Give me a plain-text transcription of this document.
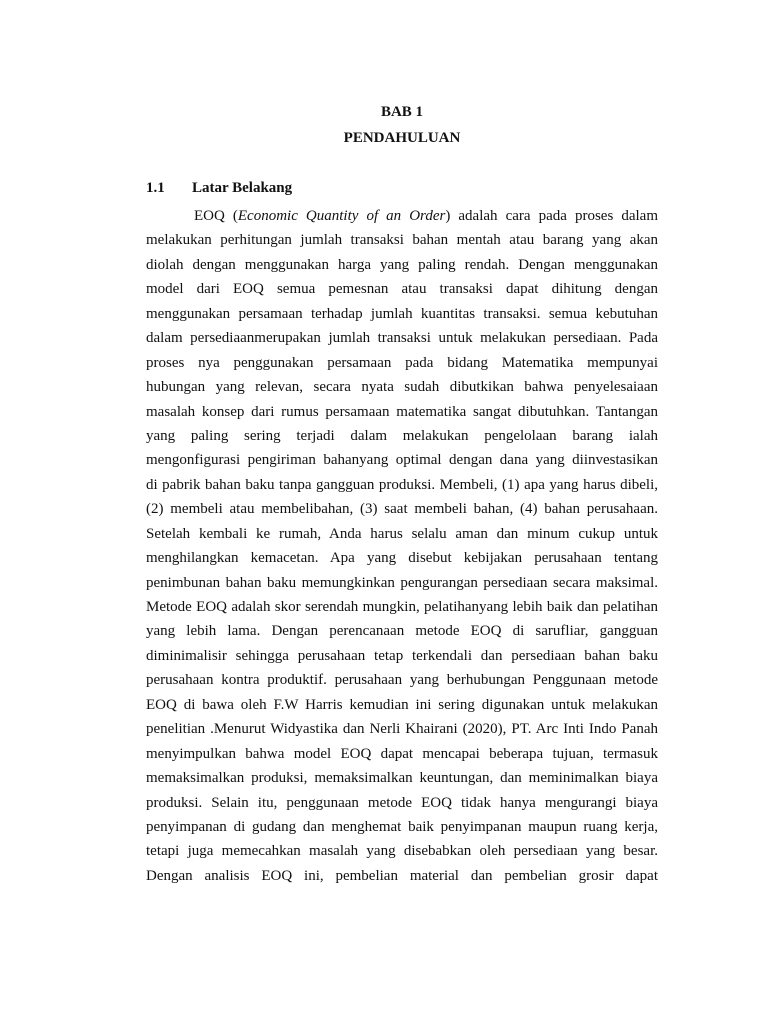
BAB 1
PENDAHULUAN
1.1 Latar Belakang
EOQ (Economic Quantity of an Order) adalah cara pada proses dalam
melakukan perhitungan jumlah transaksi bahan mentah atau barang yang akan
diolah dengan menggunakan harga yang paling rendah. Dengan menggunakan
model dari EOQ semua pemesnan atau transaksi dapat dihitung dengan
menggunakan persamaan terhadap jumlah kuantitas transaksi. semua kebutuhan
dalam persediaanmerupakan jumlah transaksi untuk melakukan persediaan. Pada
proses nya penggunakan persamaan pada bidang Matematika mempunyai
hubungan yang relevan, secara nyata sudah dibutkikan bahwa penyelesaiaan
masalah konsep dari rumus persamaan matematika sangat dibutuhkan. Tantangan
yang paling sering terjadi dalam melakukan pengelolaan barang ialah
mengonfigurasi pengiriman bahanyang optimal dengan dana yang diinvestasikan
di pabrik bahan baku tanpa gangguan produksi. Membeli, (1) apa yang harus dibeli,
(2) membeli atau membelibahan, (3) saat membeli bahan, (4) bahan perusahaan.
Setelah kembali ke rumah, Anda harus selalu aman dan minum cukup untuk
menghilangkan kemacetan. Apa yang disebut kebijakan perusahaan tentang
penimbunan bahan baku memungkinkan pengurangan persediaan secara maksimal.
Metode EOQ adalah skor serendah mungkin, pelatihanyang lebih baik dan pelatihan
yang lebih lama. Dengan perencanaan metode EOQ di sarufliar, gangguan
diminimalisir sehingga perusahaan tetap terkendali dan persediaan bahan baku
perusahaan kontra produktif. perusahaan yang berhubungan Penggunaan metode
EOQ di bawa oleh F.W Harris kemudian ini sering digunakan untuk melakukan
penelitian .Menurut Widyastika dan Nerli Khairani (2020), PT. Arc Inti Indo Panah
menyimpulkan bahwa model EOQ dapat mencapai beberapa tujuan, termasuk
memaksimalkan produksi, memaksimalkan keuntungan, dan meminimalkan biaya
produksi. Selain itu, penggunaan metode EOQ tidak hanya mengurangi biaya
penyimpanan di gudang dan menghemat baik penyimpanan maupun ruang kerja,
tetapi juga memecahkan masalah yang disebabkan oleh persediaan yang besar.
Dengan analisis EOQ ini, pembelian material dan pembelian grosir dapat
